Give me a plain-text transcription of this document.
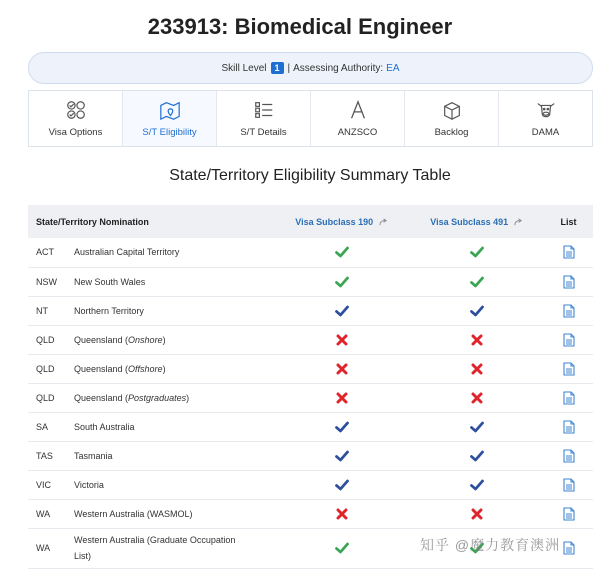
233913: Biomedical Engineer
Skill Level 1 | Assessing Authority: EA
Visa Options	S/T Eligibility	S/T Details	ANZSCO	Backlog	DAMA
State/Territory Eligibility Summary Table
State/Territory Nomination		Visa Subclass 190	Visa Subclass 491	List
ACT	Australian Capital Territory			
NSW	New South Wales			
NT	Northern Territory			
QLD	Queensland (Onshore)			
QLD	Queensland (Offshore)			
QLD	Queensland (Postgraduates)			
SA	South Australia			
TAS	Tasmania			
VIC	Victoria			
WA	Western Australia (WASMOL)			
WA	Western Australia (Graduate Occupation
List)

知乎 @魔力教育澳洲
